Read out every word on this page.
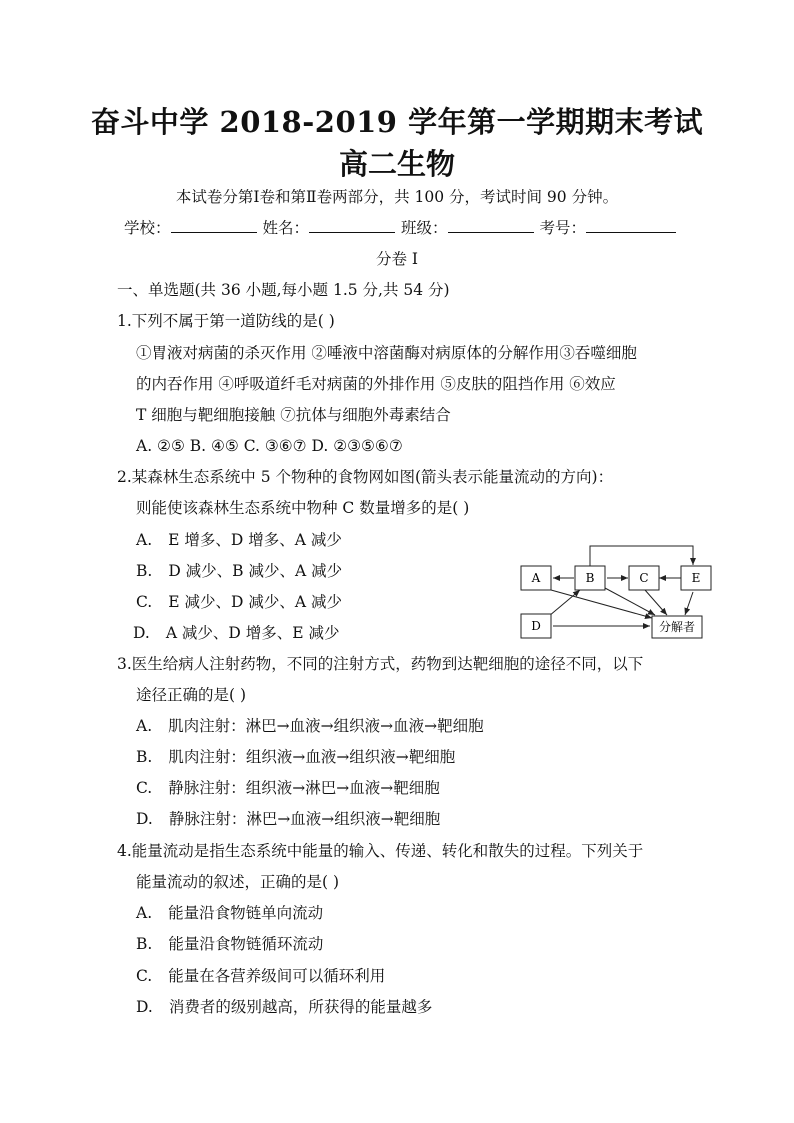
奋斗中学 2018-2019 学年第一学期期末考试
高二生物
本试卷分第Ⅰ卷和第Ⅱ卷两部分，共 100 分，考试时间 90 分钟。
学校：	姓名：	班级：	考号：
分卷 I
一、单选题(共 36 小题,每小题 1.5 分,共 54 分)
1.下列不属于第一道防线的是( )
①胃液对病菌的杀灭作用 ②唾液中溶菌酶对病原体的分解作用③吞噬细胞
的内吞作用 ④呼吸道纤毛对病菌的外排作用 ⑤皮肤的阻挡作用 ⑥效应
T 细胞与靶细胞接触 ⑦抗体与细胞外毒素结合
A. ②⑤ B. ④⑤ C. ③⑥⑦ D. ②③⑤⑥⑦
2.某森林生态系统中 5 个物种的食物网如图(箭头表示能量流动的方向)：
则能使该森林生态系统中物种 C 数量增多的是( )
A. E 增多、D 增多、A 减少
B. D 减少、B 减少、A 减少
C. E 减少、D 减少、A 减少
D. A 减少、D 增多、E 减少
A	B	C	E
D	分解者
3.医生给病人注射药物，不同的注射方式，药物到达靶细胞的途径不同，以下
途径正确的是( )
A. 肌肉注射：淋巴→血液→组织液→血液→靶细胞
B. 肌肉注射：组织液→血液→组织液→靶细胞
C. 静脉注射：组织液→淋巴→血液→靶细胞
D. 静脉注射：淋巴→血液→组织液→靶细胞
4.能量流动是指生态系统中能量的输入、传递、转化和散失的过程。下列关于
能量流动的叙述，正确的是( )
A. 能量沿食物链单向流动
B. 能量沿食物链循环流动
C. 能量在各营养级间可以循环利用
D. 消费者的级别越高，所获得的能量越多
